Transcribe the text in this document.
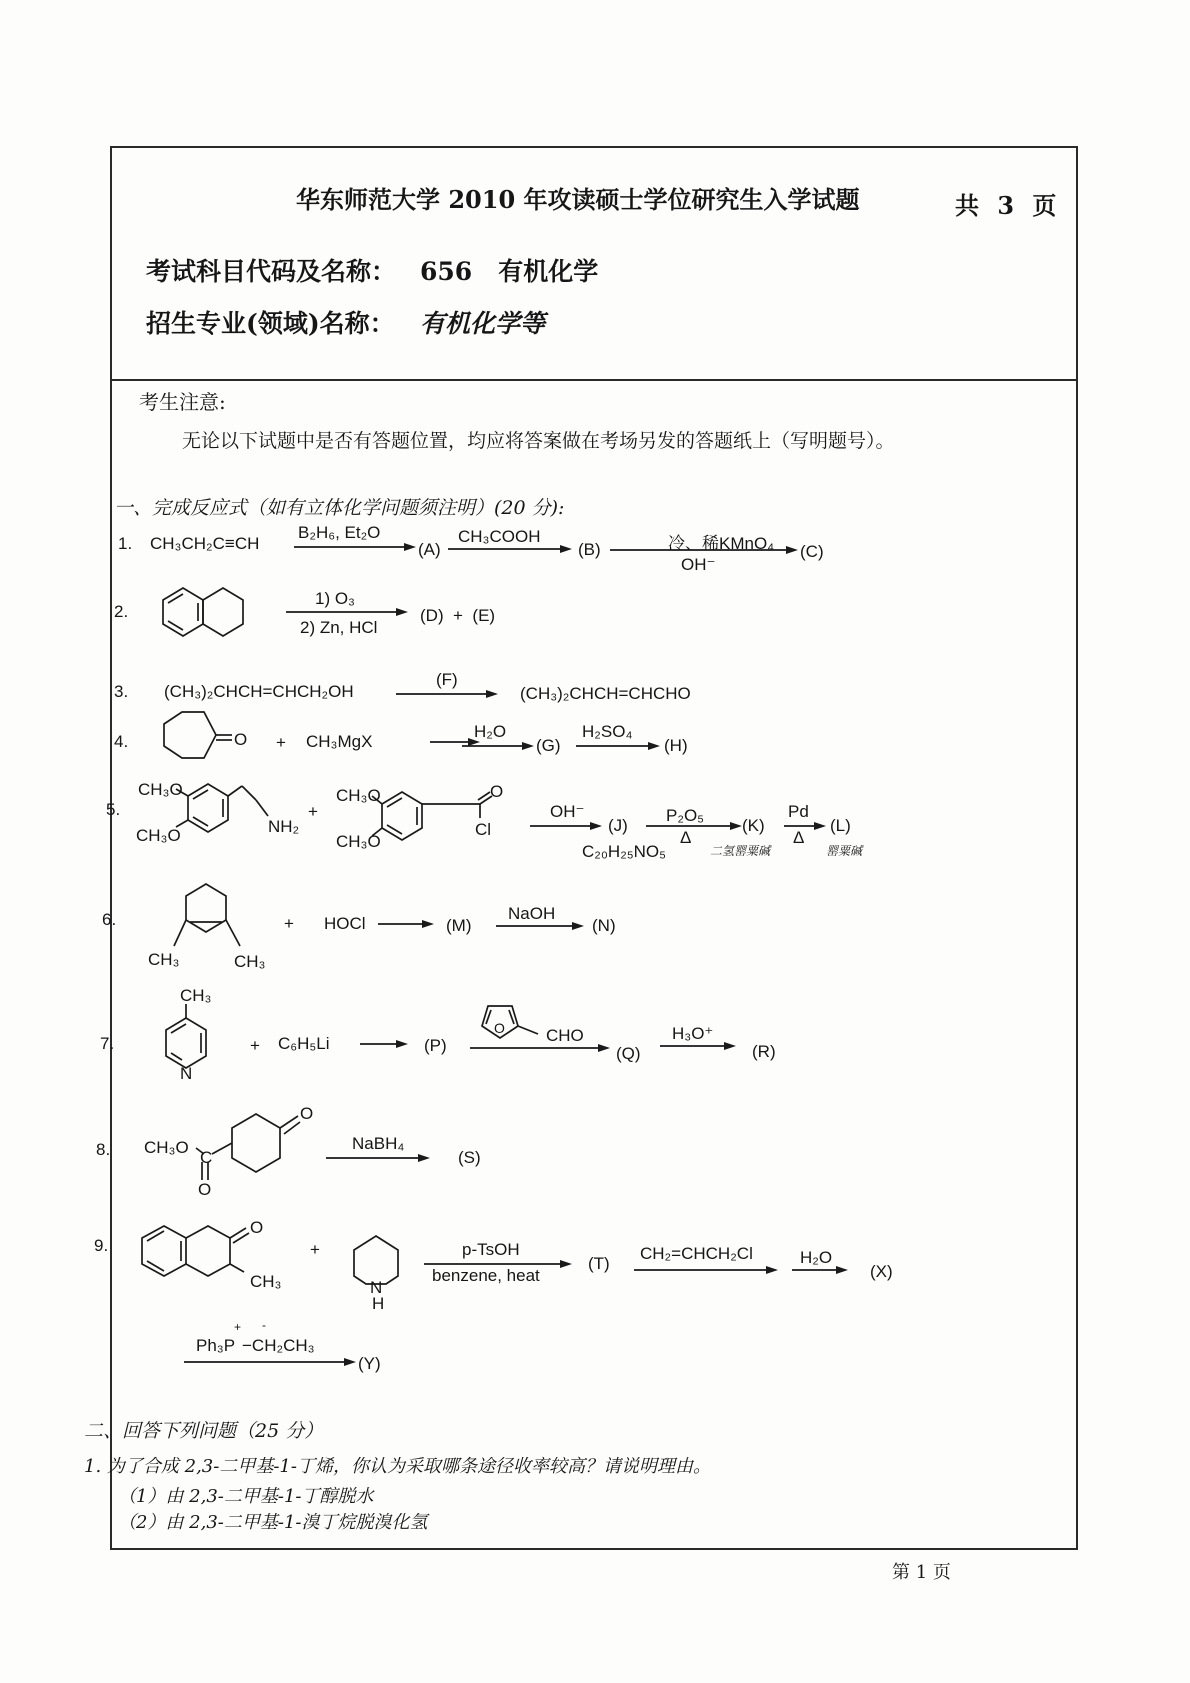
华东师范大学 2010 年攻读硕士学位研究生入学试题	共 3 页
考试科目代码及名称： 656   有机化学
招生专业(领域)名称： 有机化学等
考生注意:
无论以下试题中是否有答题位置，均应将答案做在考场另发的答题纸上（写明题号）。
一、完成反应式（如有立体化学问题须注明）(20 分):
1. CH₃CH₂C≡CH
B₂H₆, Et₂O
(A)
CH₃COOH
(B)	冷、稀KMnO₄
OH⁻
(C)
2.
1) O₃
2) Zn, HCl
(D)  +  (E)
3. (CH₃)₂CHCH=CHCH₂OH
(F)
(CH₃)₂CHCH=CHCHO
4.	O + CH₃MgX
H₂O
(G)
H₂SO₄
(H)
5.
CH₃O
CH₃O	NH₂
+
CH₃O
CH₃O
O
Cl
OH⁻
(J)
C₂₀H₂₅NO₅
P₂O₅
Δ
(K)
二氢罂粟碱
Pd
Δ
(L)
罂粟碱
6.
CH₃	CH₃
+ HOCl	(M)
NaOH
(N)
7.
CH₃
N
+ C₆H₅Li
O CHO
(P)	(Q)
H₃O⁺
(R)
8.
O
CH₃O
C
O
NaBH₄
(S)
9.
O
CH₃
+
N
H
p-TsOH
benzene, heat
(T)
CH₂=CHCH₂Cl	H₂O
(X)
+ -
Ph₃P −CH₂CH₃
(Y)
二、回答下列问题（25 分）
1. 为了合成 2,3-二甲基-1-丁烯，你认为采取哪条途径收率较高？请说明理由。
（1）由 2,3-二甲基-1-丁醇脱水
（2）由 2,3-二甲基-1-溴丁烷脱溴化氢
第 1 页
